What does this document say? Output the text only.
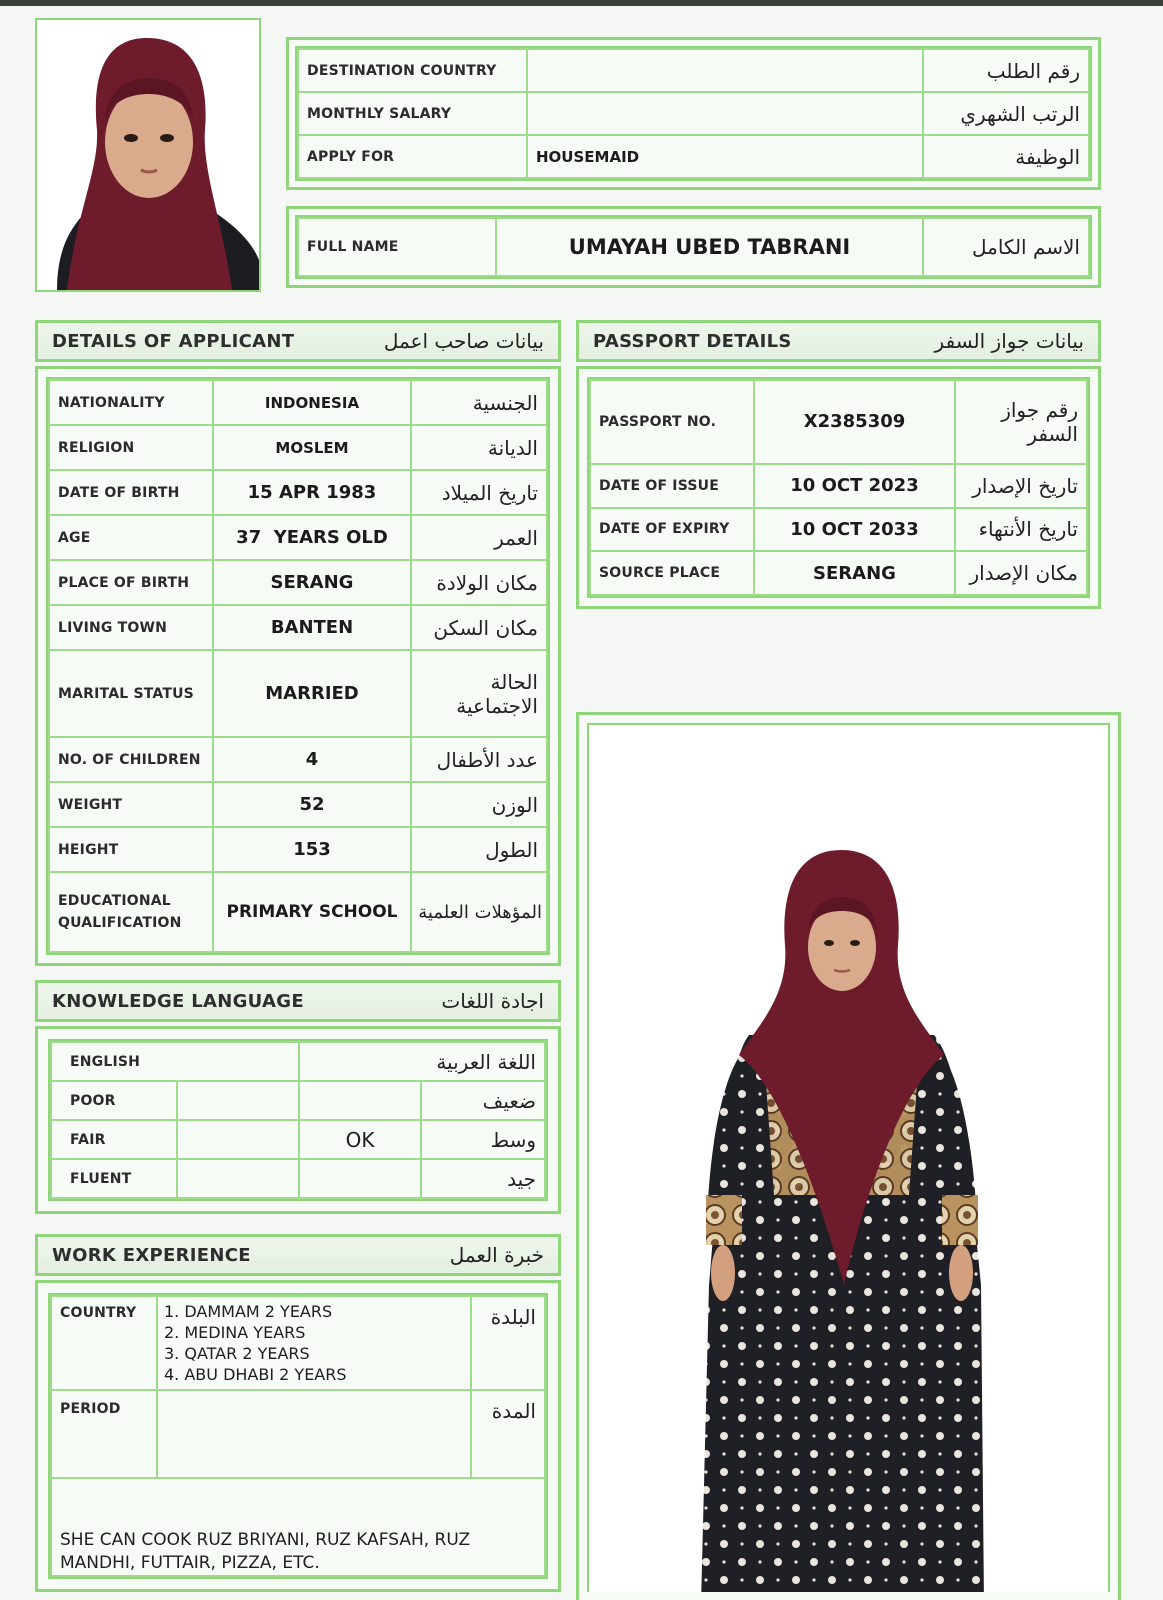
DESTINATION COUNTRY		رقم الطلب
MONTHLY SALARY		الرتب الشهري
APPLY FOR	HOUSEMAID	الوظيفة
FULL NAME	UMAYAH UBED TABRANI	الاسم الكامل
DETAILS OF APPLICANT	بيانات صاحب اعمل
NATIONALITY	INDONESIA	الجنسية
RELIGION	MOSLEM	الديانة
DATE OF BIRTH	15 APR 1983	تاريخ الميلاد
AGE	37  YEARS OLD	العمر
PLACE OF BIRTH	SERANG	مكان الولادة
LIVING TOWN	BANTEN	مكان السكن
MARITAL STATUS	MARRIED	الحالة الاجتماعية
NO. OF CHILDREN	4	عدد الأطفال
WEIGHT	52	الوزن
HEIGHT	153	الطول
EDUCATIONAL QUALIFICATION	PRIMARY SCHOOL	المؤهلات العلمية
PASSPORT DETAILS	بيانات جواز السفر
PASSPORT NO.	X2385309	رقم جواز السفر
DATE OF ISSUE	10 OCT 2023	تاريخ الإصدار
DATE OF EXPIRY	10 OCT 2033	تاريخ الأنتهاء
SOURCE PLACE	SERANG	مكان الإصدار
KNOWLEDGE LANGUAGE	اجادة اللغات
ENGLISH		اللغة العربية	
POOR			ضعيف
FAIR		OK	وسط
FLUENT			جيد
WORK EXPERIENCE	خبرة العمل
COUNTRY	1. DAMMAM 2 YEARS
2. MEDINA YEARS
3. QATAR 2 YEARS
4. ABU DHABI 2 YEARS	البلدة
PERIOD		المدة
SHE CAN COOK RUZ BRIYANI, RUZ KAFSAH, RUZ MANDHI, FUTTAIR, PIZZA, ETC.		
